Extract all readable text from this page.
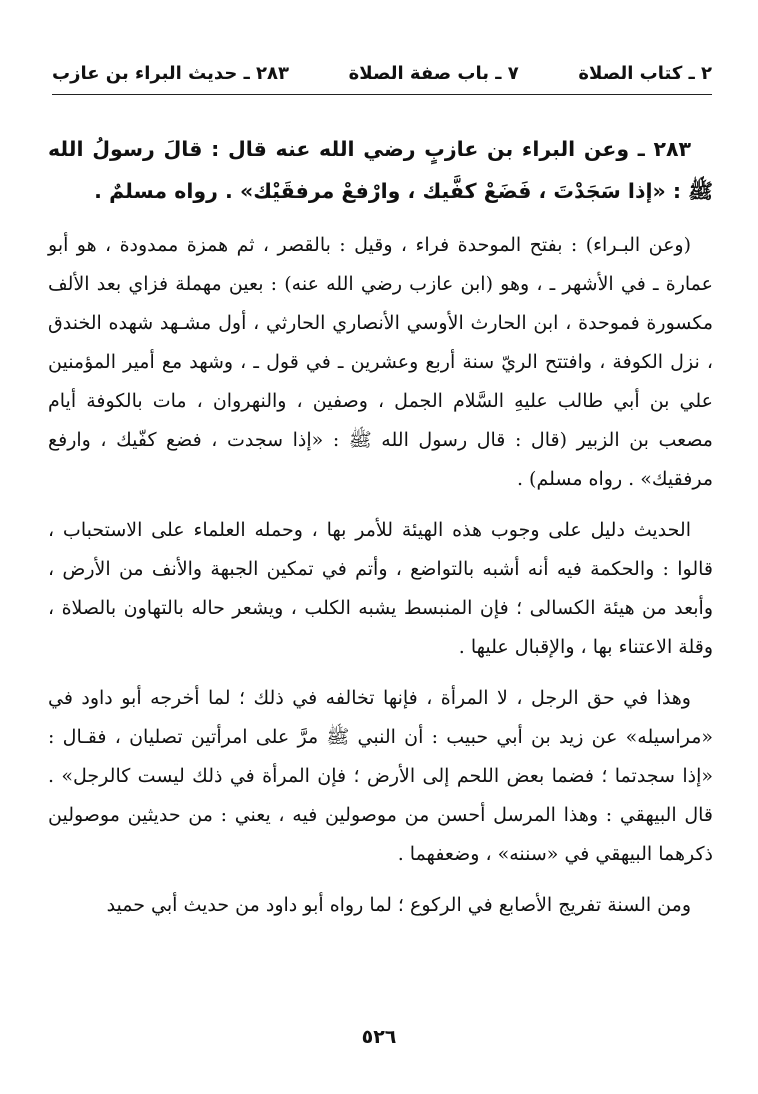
٢ ـ كتاب الصلاة
٧ ـ باب صفة الصلاة
٢٨٣ ـ حديث البراء بن عازب

٢٨٣ ـ وعن البراء بن عازبٍ رضي الله عنه قال : قالَ رسولُ الله ﷺ : «إذا سَجَدْتَ ، فَضَعْ كفَّيك ، وارْفعْ مرفقَيْك» . رواه مسلمٌ .

(وعن البـراء) : بفتح الموحدة فراء ، وقيل : بالقصر ، ثم همزة ممدودة ، هو أبو عمارة ـ في الأشهر ـ ، وهو (ابن عازب رضي الله عنه) : بعين مهملة فزاي بعد الألف مكسورة فموحدة ، ابن الحارث الأوسي الأنصاري الحارثي ، أول مشـهد شهده الخندق ، نزل الكوفة ، وافتتح الريّ سنة أربع وعشرين ـ في قول ـ ، وشهد مع أمير المؤمنين علي بن أبي طالب عليهِ السَّلام الجمل ، وصفين ، والنهروان ، مات بالكوفة أيام مصعب بن الزبير (قال : قال رسول الله ﷺ : «إذا سجدت ، فضع كفّيك ، وارفع مرفقيك» . رواه مسلم) .

الحديث دليل على وجوب هذه الهيئة للأمر بها ، وحمله العلماء على الاستحباب ، قالوا : والحكمة فيه أنه أشبه بالتواضع ، وأتم في تمكين الجبهة والأنف من الأرض ، وأبعد من هيئة الكسالى ؛ فإن المنبسط يشبه الكلب ، ويشعر حاله بالتهاون بالصلاة ، وقلة الاعتناء بها ، والإقبال عليها .

وهذا في حق الرجل ، لا المرأة ، فإنها تخالفه في ذلك ؛ لما أخرجه أبو داود في «مراسيله» عن زيد بن أبي حبيب : أن النبي ﷺ مرَّ على امرأتين تصليان ، فقـال : «إذا سجدتما ؛ فضما بعض اللحم إلى الأرض ؛ فإن المرأة في ذلك ليست كالرجل» . قال البيهقي : وهذا المرسل أحسن من موصولين فيه ، يعني : من حديثين موصولين ذكرهما البيهقي في «سننه» ، وضعفهما .

ومن السنة تفريج الأصابع في الركوع ؛ لما رواه أبو داود من حديث أبي حميد

٥٢٦
